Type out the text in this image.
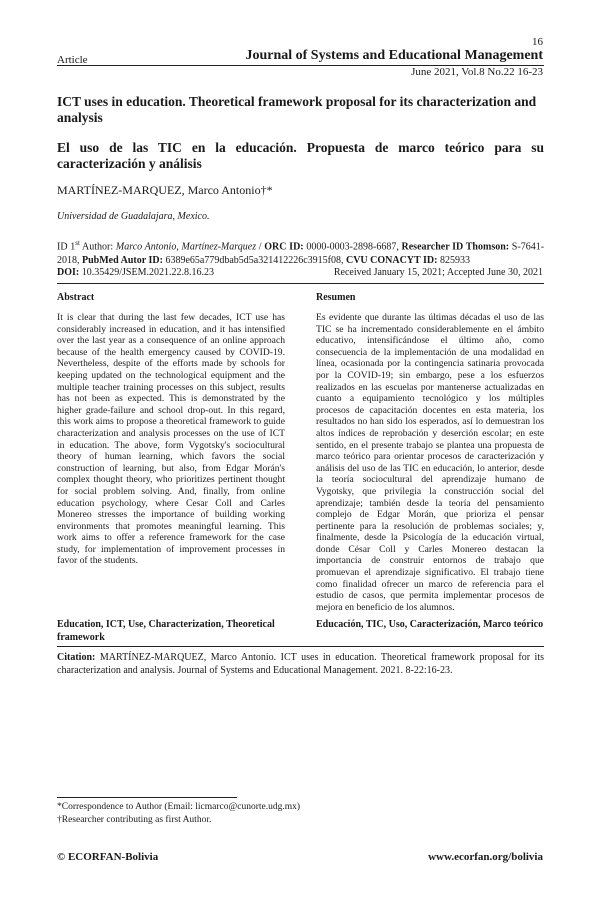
16
Article	Journal of Systems and Educational Management
June 2021, Vol.8 No.22 16-23
ICT uses in education. Theoretical framework proposal for its characterization and analysis
El uso de las TIC en la educación. Propuesta de marco teórico para su caracterización y análisis
MARTÍNEZ-MARQUEZ, Marco Antonio†*
Universidad de Guadalajara, Mexico.
ID 1st Author: Marco Antonio, Martínez-Marquez / ORC ID: 0000-0003-2898-6687, Researcher ID Thomson: S-7641-2018, PubMed Autor ID: 6389e65a779dbab5d5a321412226c3915f08, CVU CONACYT ID: 825933
DOI: 10.35429/JSEM.2021.22.8.16.23	Received January 15, 2021; Accepted June 30, 2021
Abstract	Resumen
It is clear that during the last few decades, ICT use has considerably increased in education, and it has intensified over the last year as a consequence of an online approach because of the health emergency caused by COVID-19. Nevertheless, despite of the efforts made by schools for keeping updated on the technological equipment and the multiple teacher training processes on this subject, results has not been as expected. This is demonstrated by the higher grade-failure and school drop-out. In this regard, this work aims to propose a theoretical framework to guide characterization and analysis processes on the use of ICT in education. The above, form Vygotsky's sociocultural theory of human learning, which favors the social construction of learning, but also, from Edgar Morán's complex thought theory, who prioritizes pertinent thought for social problem solving. And, finally, from online education psychology, where Cesar Coll and Carles Monereo stresses the importance of building working environments that promotes meaningful learning. This work aims to offer a reference framework for the case study, for implementation of improvement processes in favor of the students.
Es evidente que durante las últimas décadas el uso de las TIC se ha incrementado considerablemente en el ámbito educativo, intensificándose el último año, como consecuencia de la implementación de una modalidad en línea, ocasionada por la contingencia satinaria provocada por la COVID-19; sin embargo, pese a los esfuerzos realizados en las escuelas por mantenerse actualizadas en cuanto a equipamiento tecnológico y los múltiples procesos de capacitación docentes en esta materia, los resultados no han sido los esperados, así lo demuestran los altos índices de reprobación y deserción escolar; en este sentido, en el presente trabajo se plantea una propuesta de marco teórico para orientar procesos de caracterización y análisis del uso de las TIC en educación, lo anterior, desde la teoría sociocultural del aprendizaje humano de Vygotsky, que privilegia la construcción social del aprendizaje; también desde la teoría del pensamiento complejo de Edgar Morán, que prioriza el pensar pertinente para la resolución de problemas sociales; y, finalmente, desde la Psicología de la educación virtual, donde César Coll y Carles Monereo destacan la importancia de construir entornos de trabajo que promuevan el aprendizaje significativo. El trabajo tiene como finalidad ofrecer un marco de referencia para el estudio de casos, que permita implementar procesos de mejora en beneficio de los alumnos.
Education, ICT, Use, Characterization, Theoretical framework
Educación, TIC, Uso, Caracterización, Marco teórico
Citation: MARTÍNEZ-MARQUEZ, Marco Antonio. ICT uses in education. Theoretical framework proposal for its characterization and analysis. Journal of Systems and Educational Management. 2021. 8-22:16-23.
*Correspondence to Author (Email: licmarco@cunorte.udg.mx)
†Researcher contributing as first Author.
© ECORFAN-Bolivia	www.ecorfan.org/bolivia
